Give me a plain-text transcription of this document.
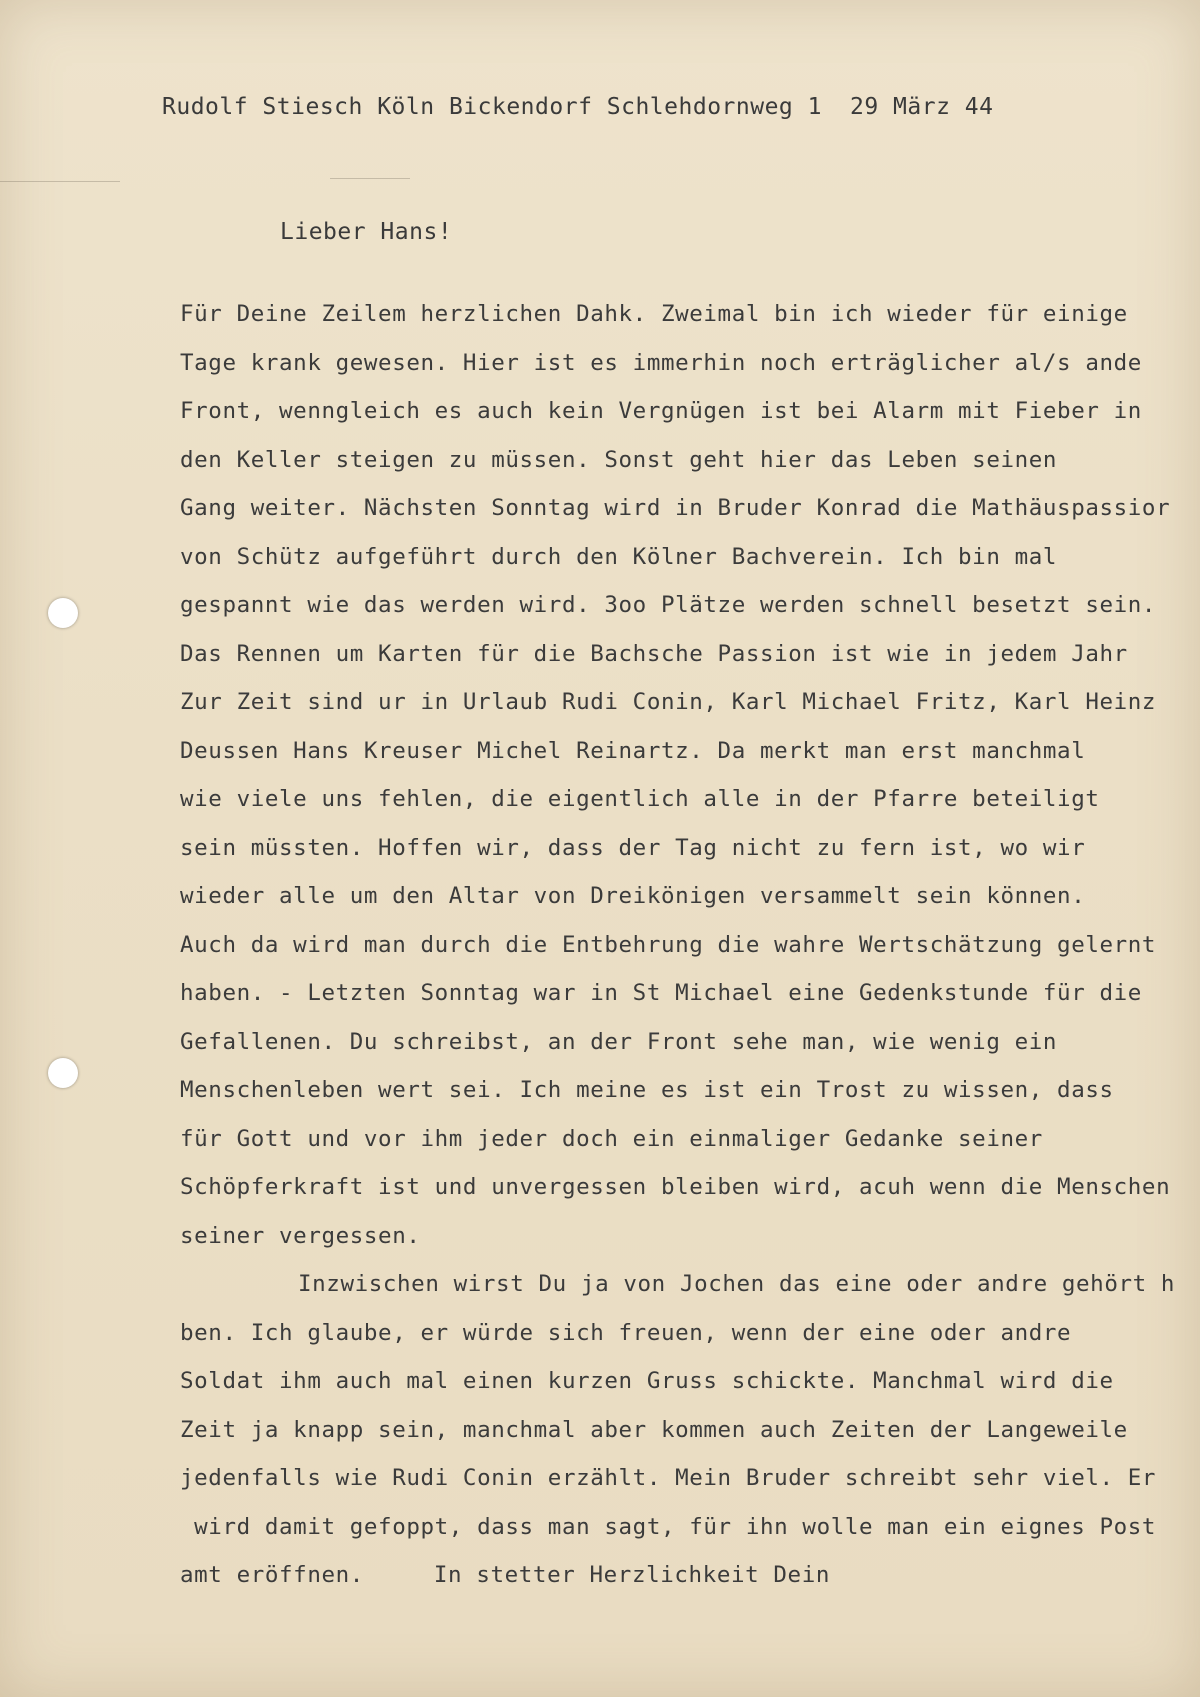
Rudolf Stiesch Köln Bickendorf Schlehdornweg 1 29 März 44
Lieber Hans!
Für Deine Zeilem herzlichen Dahk. Zweimal bin ich wieder für einige
Tage krank gewesen. Hier ist es immerhin noch erträglicher al/s ande
Front, wenngleich es auch kein Vergnügen ist bei Alarm mit Fieber in
den Keller steigen zu müssen. Sonst geht hier das Leben seinen
Gang weiter. Nächsten Sonntag wird in Bruder Konrad die Mathäuspassior
von Schütz aufgeführt durch den Kölner Bachverein. Ich bin mal
gespannt wie das werden wird. 3oo Plätze werden schnell besetzt sein.
Das Rennen um Karten für die Bachsche Passion ist wie in jedem Jahr
Zur Zeit sind ur in Urlaub Rudi Conin, Karl Michael Fritz, Karl Heinz
Deussen Hans Kreuser Michel Reinartz. Da merkt man erst manchmal
wie viele uns fehlen, die eigentlich alle in der Pfarre beteiligt
sein müssten. Hoffen wir, dass der Tag nicht zu fern ist, wo wir
wieder alle um den Altar von Dreikönigen versammelt sein können.
Auch da wird man durch die Entbehrung die wahre Wertschätzung gelernt
haben. - Letzten Sonntag war in St Michael eine Gedenkstunde für die
Gefallenen. Du schreibst, an der Front sehe man, wie wenig ein
Menschenleben wert sei. Ich meine es ist ein Trost zu wissen, dass
für Gott und vor ihm jeder doch ein einmaliger Gedanke seiner
Schöpferkraft ist und unvergessen bleiben wird, acuh wenn die Menschen
seiner vergessen.
Inzwischen wirst Du ja von Jochen das eine oder andre gehört h
ben. Ich glaube, er würde sich freuen, wenn der eine oder andre
Soldat ihm auch mal einen kurzen Gruss schickte. Manchmal wird die
Zeit ja knapp sein, manchmal aber kommen auch Zeiten der Langeweile
jedenfalls wie Rudi Conin erzählt. Mein Bruder schreibt sehr viel. Er
wird damit gefoppt, dass man sagt, für ihn wolle man ein eignes Post
amt eröffnen.	In stetter Herzlichkeit Dein
